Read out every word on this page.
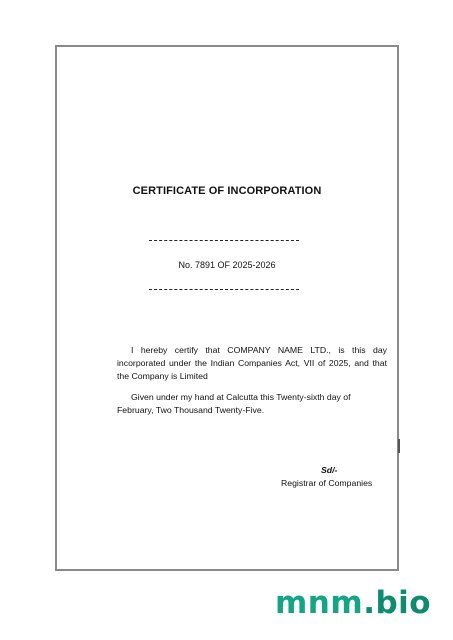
CERTIFICATE OF INCORPORATION
No. 7891 OF 2025-2026
I hereby certify that COMPANY NAME LTD., is this day incorporated under the Indian Companies Act, VII of 2025, and that the Company is Limited
Given under my hand at Calcutta this Twenty-sixth day of February, Two Thousand Twenty-Five.
Sd/-
Registrar of Companies
mnm.bio
